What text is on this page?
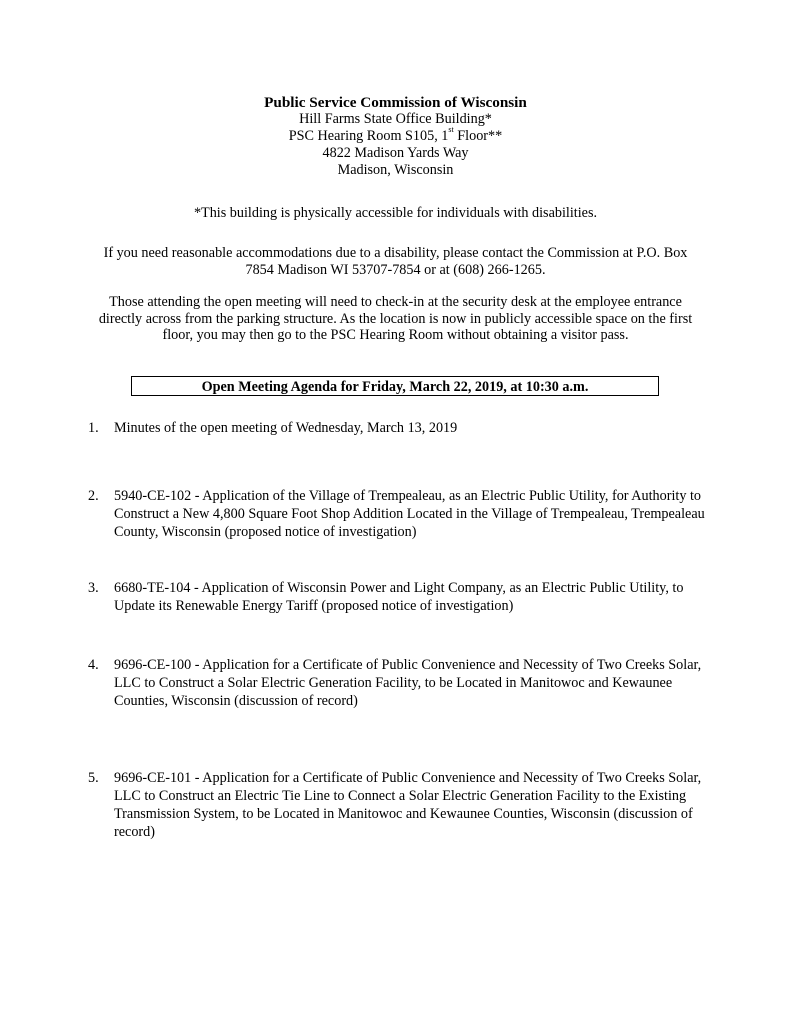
Public Service Commission of Wisconsin
Hill Farms State Office Building*
PSC Hearing Room S105, 1st Floor**
4822 Madison Yards Way
Madison, Wisconsin
*This building is physically accessible for individuals with disabilities.
If you need reasonable accommodations due to a disability, please contact the Commission at P.O. Box 7854 Madison WI 53707-7854 or at (608) 266-1265.
Those attending the open meeting will need to check-in at the security desk at the employee entrance directly across from the parking structure. As the location is now in publicly accessible space on the first floor, you may then go to the PSC Hearing Room without obtaining a visitor pass.
Open Meeting Agenda for Friday, March 22, 2019, at 10:30 a.m.
1.	Minutes of the open meeting of Wednesday, March 13, 2019
2.	5940-CE-102 - Application of the Village of Trempealeau, as an Electric Public Utility, for Authority to Construct a New 4,800 Square Foot Shop Addition Located in the Village of Trempealeau, Trempealeau County, Wisconsin (proposed notice of investigation)
3.	6680-TE-104 - Application of Wisconsin Power and Light Company, as an Electric Public Utility, to Update its Renewable Energy Tariff (proposed notice of investigation)
4.	9696-CE-100 - Application for a Certificate of Public Convenience and Necessity of Two Creeks Solar, LLC to Construct a Solar Electric Generation Facility, to be Located in Manitowoc and Kewaunee Counties, Wisconsin (discussion of record)
5.	9696-CE-101 - Application for a Certificate of Public Convenience and Necessity of Two Creeks Solar, LLC to Construct an Electric Tie Line to Connect a Solar Electric Generation Facility to the Existing Transmission System, to be Located in Manitowoc and Kewaunee Counties, Wisconsin (discussion of record)
